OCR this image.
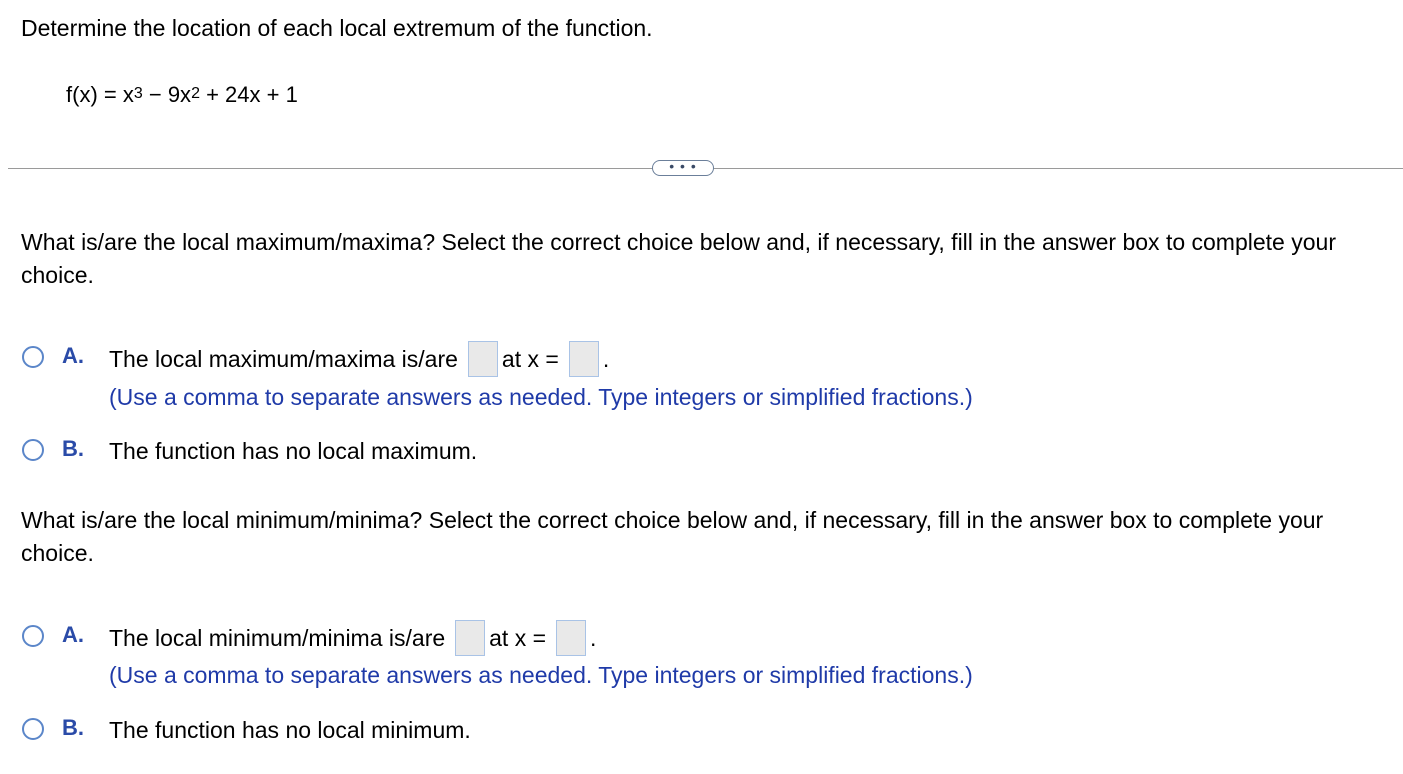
Determine the location of each local extremum of the function.
$f(x) = x^3 - 9x^2 + 24x + 1$
• • •
What is/are the local maximum/maxima? Select the correct choice below and, if necessary, fill in the answer box to complete your choice.
A. The local maximum/maxima is/are at x = .
(Use a comma to separate answers as needed. Type integers or simplified fractions.)
B. The function has no local maximum.
What is/are the local minimum/minima? Select the correct choice below and, if necessary, fill in the answer box to complete your choice.
A. The local minimum/minima is/are at x = .
(Use a comma to separate answers as needed. Type integers or simplified fractions.)
B. The function has no local minimum.
